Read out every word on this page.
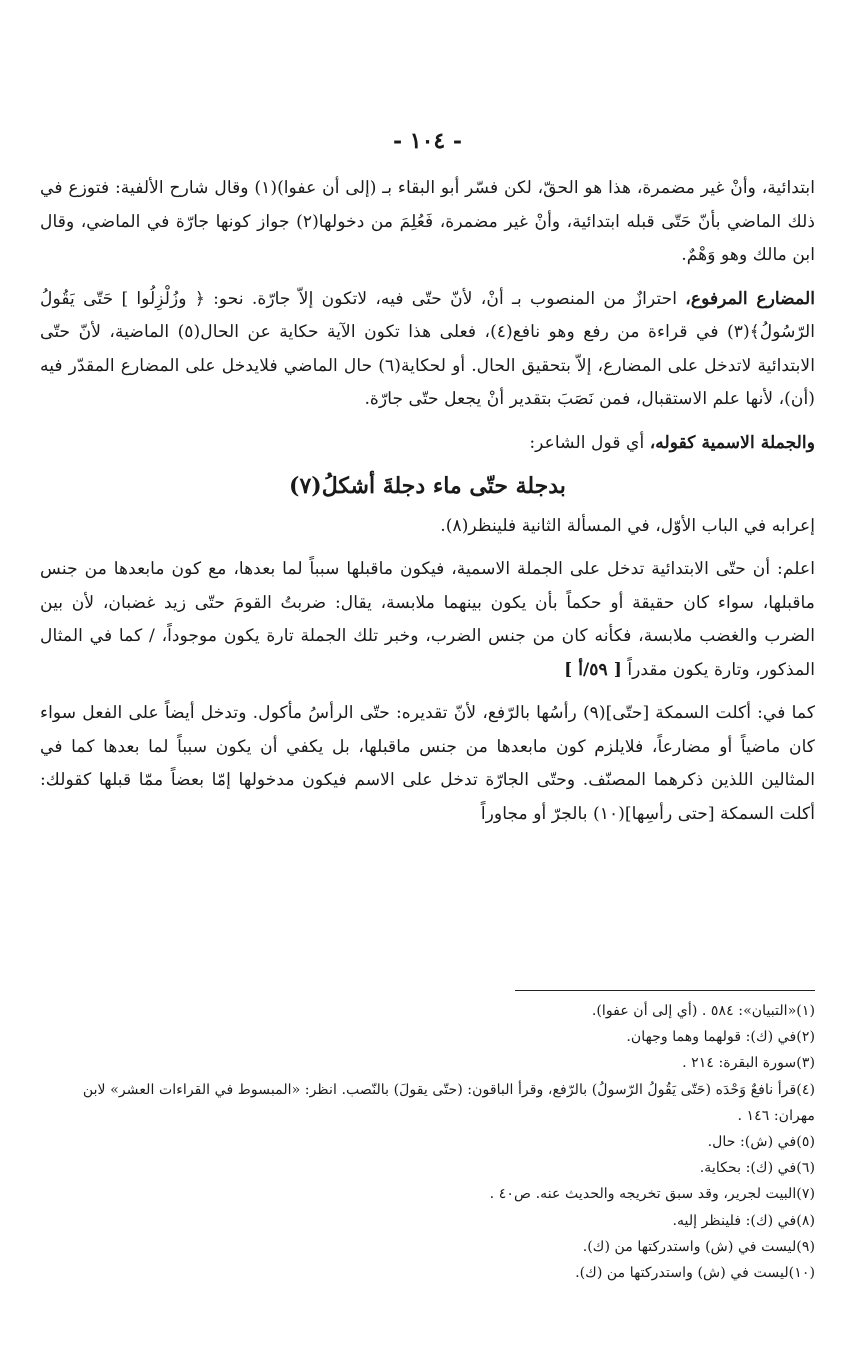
- ١٠٤ -

ابتدائية، وأنْ غير مضمرة، هذا هو الحقّ، لكن فسّر أبو البقاء بـ (إلى أن عفوا)(١) وقال شارح الألفية: فتوزع في ذلك الماضي بأنّ حَتّى قبله ابتدائية، وأنْ غير مضمرة، فَعُلِمَ من دخولها(٢) جواز كونها جارّة في الماضي، وقال ابن مالك وهو وَهْمٌ.

المضارع المرفوع، احترازٌ من المنصوب بـ أنْ، لأنّ حتّى فيه، لاتكون إلاّ جارّة. نحو: ﴿ وزُلْزِلُوا ] حَتّى يَقُولُ الرّسُولُ﴾(٣) في قراءة من رفع وهو نافع(٤)، فعلى هذا تكون الآية حكاية عن الحال(٥) الماضية، لأنّ حتّى الابتدائية لاتدخل على المضارع، إلاّ بتحقيق الحال. أو لحكاية(٦) حال الماضي فلايدخل على المضارع المقدّر فيه (أن)، لأنها علم الاستقبال، فمن نَصَبَ بتقدير أنْ يجعل حتّى جارّة.

والجملة الاسمية كقوله، أي قول الشاعر:

بدجلة حتّى ماء دجلةَ أشكلُ(٧)

إعرابه في الباب الأوّل، في المسألة الثانية فلينظر(٨).

اعلم: أن حتّى الابتدائية تدخل على الجملة الاسمية، فيكون ماقبلها سبباً لما بعدها، مع كون مابعدها من جنس ماقبلها، سواء كان حقيقة أو حكماً بأن يكون بينهما ملابسة، يقال: ضربتُ القومَ حتّى زيد غضبان، لأن بين الضرب والغضب ملابسة، فكأنه كان من جنس الضرب، وخبر تلك الجملة تارة يكون موجوداً، / كما في المثال المذكور، وتارة يكون مقدراً [ ٥٩/أ ]

كما في: أكلت السمكة [حتّى](٩) رأسُها بالرّفع، لأنّ تقديره: حتّى الرأسُ مأكول. وتدخل أيضاً على الفعل سواء كان ماضياً أو مضارعاً، فلايلزم كون مابعدها من جنس ماقبلها، بل يكفي أن يكون سبباً لما بعدها كما في المثالين اللذين ذكرهما المصنّف. وحتّى الجارّة تدخل على الاسم فيكون مدخولها إمّا بعضاً ممّا قبلها كقولك: أكلت السمكة [حتى رأسِها](١٠) بالجرّ أو مجاوراً

(١)«التبيان»: ٥٨٤ . (أي إلى أن عفوا).

(٢)في (ك): قولهما وهما وجهان.

(٣)سورة البقرة: ٢١٤ .

(٤)قرأ نافعٌ وَحْدَه (حَتّى يَقُولُ الرّسولُ) بالرّفع، وقرأ الباقون: (حتّى يقولَ) بالنّصب. انظر: «المبسوط في القراءات العشر» لابن مهران: ١٤٦ .

(٥)في (ش): حال.

(٦)في (ك): بحكاية.

(٧)البيت لجرير، وقد سبق تخريجه والحديث عنه. ص٤٠ .

(٨)في (ك): فلينظر إليه.

(٩)ليست في (ش) واستدركتها من (ك).

(١٠)ليست في (ش) واستدركتها من (ك).
